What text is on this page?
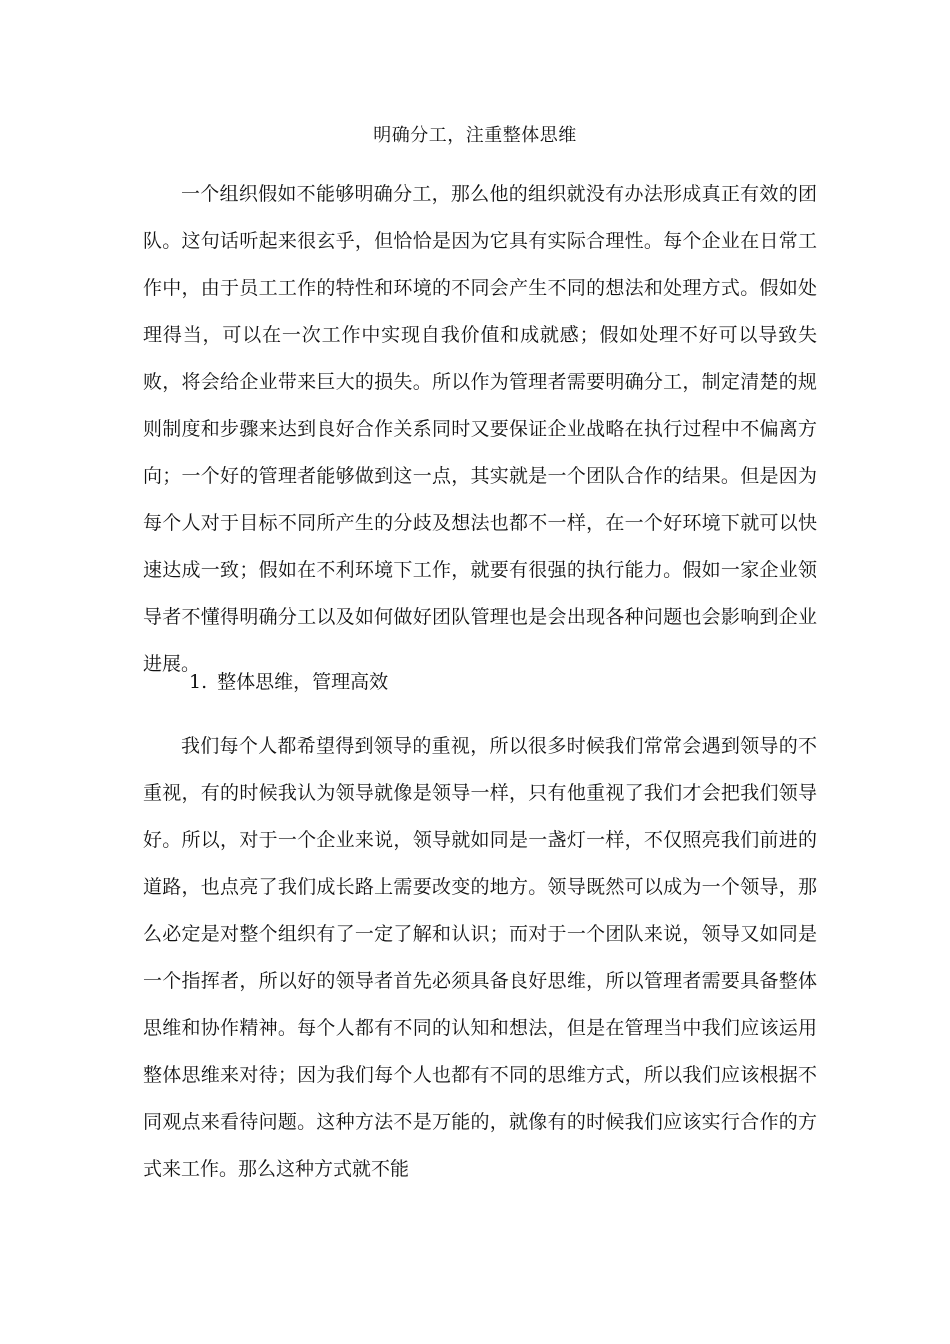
明确分工，注重整体思维

一个组织假如不能够明确分工，那么他的组织就没有办法形成真正有效的团队。这句话听起来很玄乎，但恰恰是因为它具有实际合理性。每个企业在日常工作中，由于员工工作的特性和环境的不同会产生不同的想法和处理方式。假如处理得当，可以在一次工作中实现自我价值和成就感；假如处理不好可以导致失败，将会给企业带来巨大的损失。所以作为管理者需要明确分工，制定清楚的规则制度和步骤来达到良好合作关系同时又要保证企业战略在执行过程中不偏离方向；一个好的管理者能够做到这一点，其实就是一个团队合作的结果。但是因为每个人对于目标不同所产生的分歧及想法也都不一样，在一个好环境下就可以快速达成一致；假如在不利环境下工作，就要有很强的执行能力。假如一家企业领导者不懂得明确分工以及如何做好团队管理也是会出现各种问题也会影响到企业进展。

1. 整体思维，管理高效

我们每个人都希望得到领导的重视，所以很多时候我们常常会遇到领导的不重视，有的时候我认为领导就像是领导一样，只有他重视了我们才会把我们领导好。所以，对于一个企业来说，领导就如同是一盏灯一样，不仅照亮我们前进的道路，也点亮了我们成长路上需要改变的地方。领导既然可以成为一个领导，那么必定是对整个组织有了一定了解和认识；而对于一个团队来说，领导又如同是一个指挥者，所以好的领导者首先必须具备良好思维，所以管理者需要具备整体思维和协作精神。每个人都有不同的认知和想法，但是在管理当中我们应该运用整体思维来对待；因为我们每个人也都有不同的思维方式，所以我们应该根据不同观点来看待问题。这种方法不是万能的，就像有的时候我们应该实行合作的方式来工作。那么这种方式就不能
